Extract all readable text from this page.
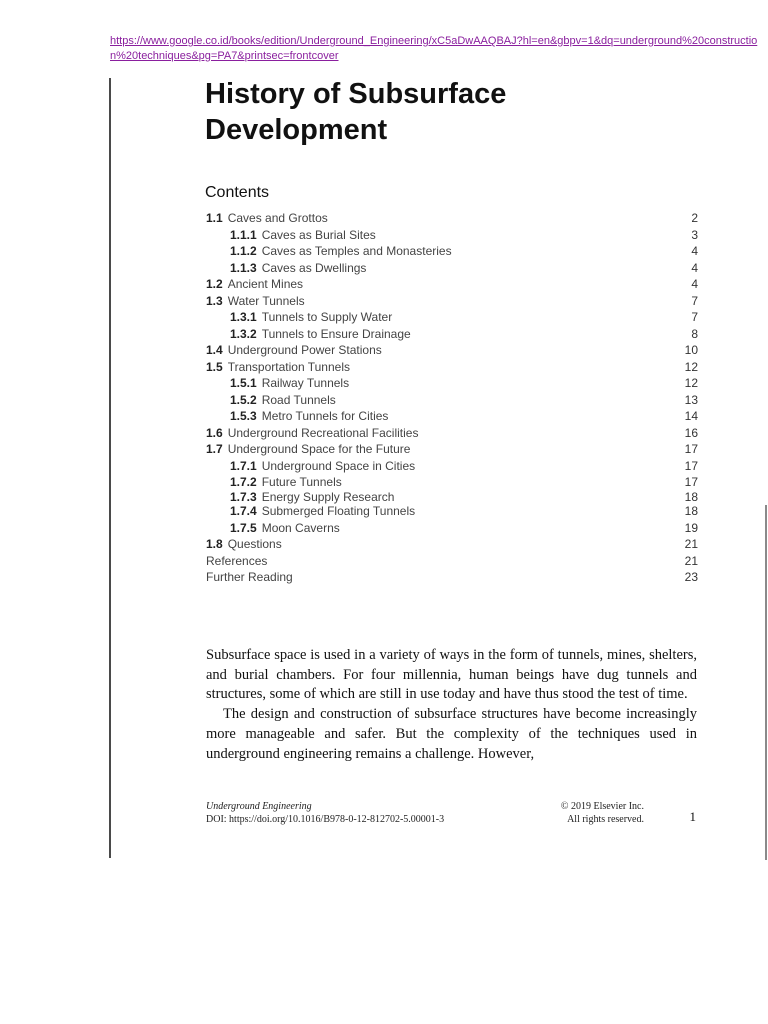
https://www.google.co.id/books/edition/Underground_Engineering/xC5aDwAAQBAJ?hl=en&gbpv=1&dq=underground%20construction%20techniques&pg=PA7&printsec=frontcover
History of Subsurface Development
Contents
1.1 Caves and Grottos	2
1.1.1 Caves as Burial Sites	3
1.1.2 Caves as Temples and Monasteries	4
1.1.3 Caves as Dwellings	4
1.2 Ancient Mines	4
1.3 Water Tunnels	7
1.3.1 Tunnels to Supply Water	7
1.3.2 Tunnels to Ensure Drainage	8
1.4 Underground Power Stations	10
1.5 Transportation Tunnels	12
1.5.1 Railway Tunnels	12
1.5.2 Road Tunnels	13
1.5.3 Metro Tunnels for Cities	14
1.6 Underground Recreational Facilities	16
1.7 Underground Space for the Future	17
1.7.1 Underground Space in Cities	17
1.7.2 Future Tunnels	17
1.7.3 Energy Supply Research	18
1.7.4 Submerged Floating Tunnels	18
1.7.5 Moon Caverns	19
1.8 Questions	21
References	21
Further Reading	23

Subsurface space is used in a variety of ways in the form of tunnels, mines, shelters, and burial chambers. For four millennia, human beings have dug tunnels and structures, some of which are still in use today and have thus stood the test of time.

The design and construction of subsurface structures have become increasingly more manageable and safer. But the complexity of the techniques used in underground engineering remains a challenge. However,

Underground Engineering
DOI: https://doi.org/10.1016/B978-0-12-812702-5.00001-3
© 2019 Elsevier Inc.
All rights reserved.	1
